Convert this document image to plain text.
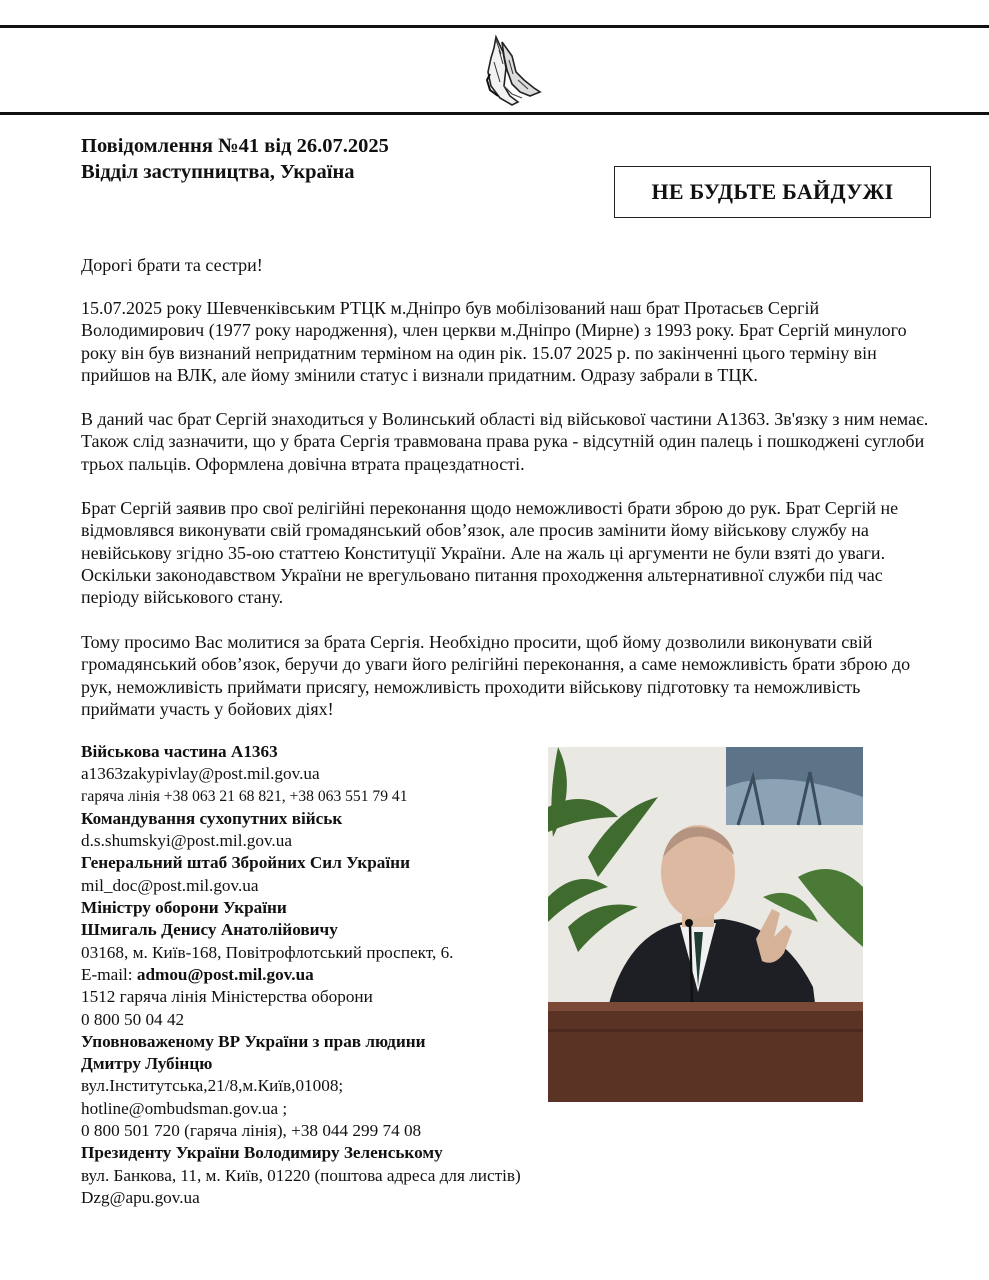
Повідомлення №41 від 26.07.2025
Відділ заступництва, Україна
НЕ БУДЬТЕ БАЙДУЖІ

Дорогі брати та сестри!

15.07.2025 року Шевченківським РТЦК м.Дніпро був мобілізований наш брат Протасьєв Сергій Володимирович (1977 року народження), член церкви м.Дніпро (Мирне) з 1993 року. Брат Сергій минулого року він був визнаний непридатним терміном на один рік. 15.07 2025 р. по закінченні цього терміну він прийшов на ВЛК, але йому змінили статус і визнали придатним. Одразу забрали в ТЦК.

В даний час брат Сергій знаходиться у Волинський області від військової частини А1363. Зв'язку з ним немає. Також слід зазначити, що у брата Сергія травмована права рука - відсутній один палець і пошкоджені суглоби трьох пальців. Оформлена довічна втрата працездатності.

Брат Сергій заявив про свої релігійні переконання щодо неможливості брати зброю до рук. Брат Сергій не відмовлявся виконувати свій громадянський обов’язок, але просив замінити йому військову службу на невійськову згідно 35-ою статтею Конституції України. Але на жаль ці аргументи не були взяті до уваги. Оскільки законодавством України не врегульовано питання проходження альтернативної служби під час періоду військового стану.

Тому просимо Вас молитися за брата Сергія. Необхідно просити, щоб йому дозволили виконувати свій громадянський обов’язок, беручи до уваги його релігійні переконання, а саме неможливість брати зброю до рук, неможливість приймати присягу, неможливість проходити військову підготовку та неможливість приймати участь у бойових діях!

Військова частина А1363
a1363zakypivlay@post.mil.gov.ua
гаряча лінія +38 063 21 68 821, +38 063 551 79 41
Командування сухопутних військ
d.s.shumskyi@post.mil.gov.ua
Генеральний штаб Збройних Сил України
mil_doc@post.mil.gov.ua
Міністру оборони України
Шмигаль Денису Анатолійовичу
03168, м. Київ-168, Повітрофлотський проспект, 6.
E-mail: admou@post.mil.gov.ua
1512 гаряча лінія Міністерства оборони
0 800 50 04 42
Уповноваженому ВР України з прав людини
Дмитру Лубінцю
вул.Інститутська,21/8,м.Київ,01008;
hotline@ombudsman.gov.ua ;
0 800 501 720 (гаряча лінія), +38 044 299 74 08
Президенту України Володимиру Зеленському
вул. Банкова, 11, м. Київ, 01220 (поштова адреса для листів)
Dzg@apu.gov.ua
